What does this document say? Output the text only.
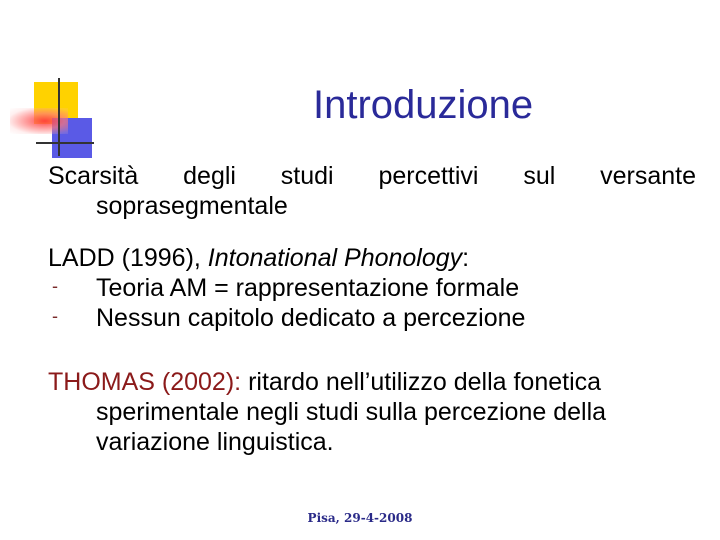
Introduzione
Scarsità degli studi percettivi sul versante
soprasegmentale
LADD (1996), Intonational Phonology:
- Teoria AM = rappresentazione formale
- Nessun capitolo dedicato a percezione
THOMAS (2002): ritardo nell’utilizzo della fonetica
sperimentale negli studi sulla percezione della
variazione linguistica.
Pisa, 29-4-2008
